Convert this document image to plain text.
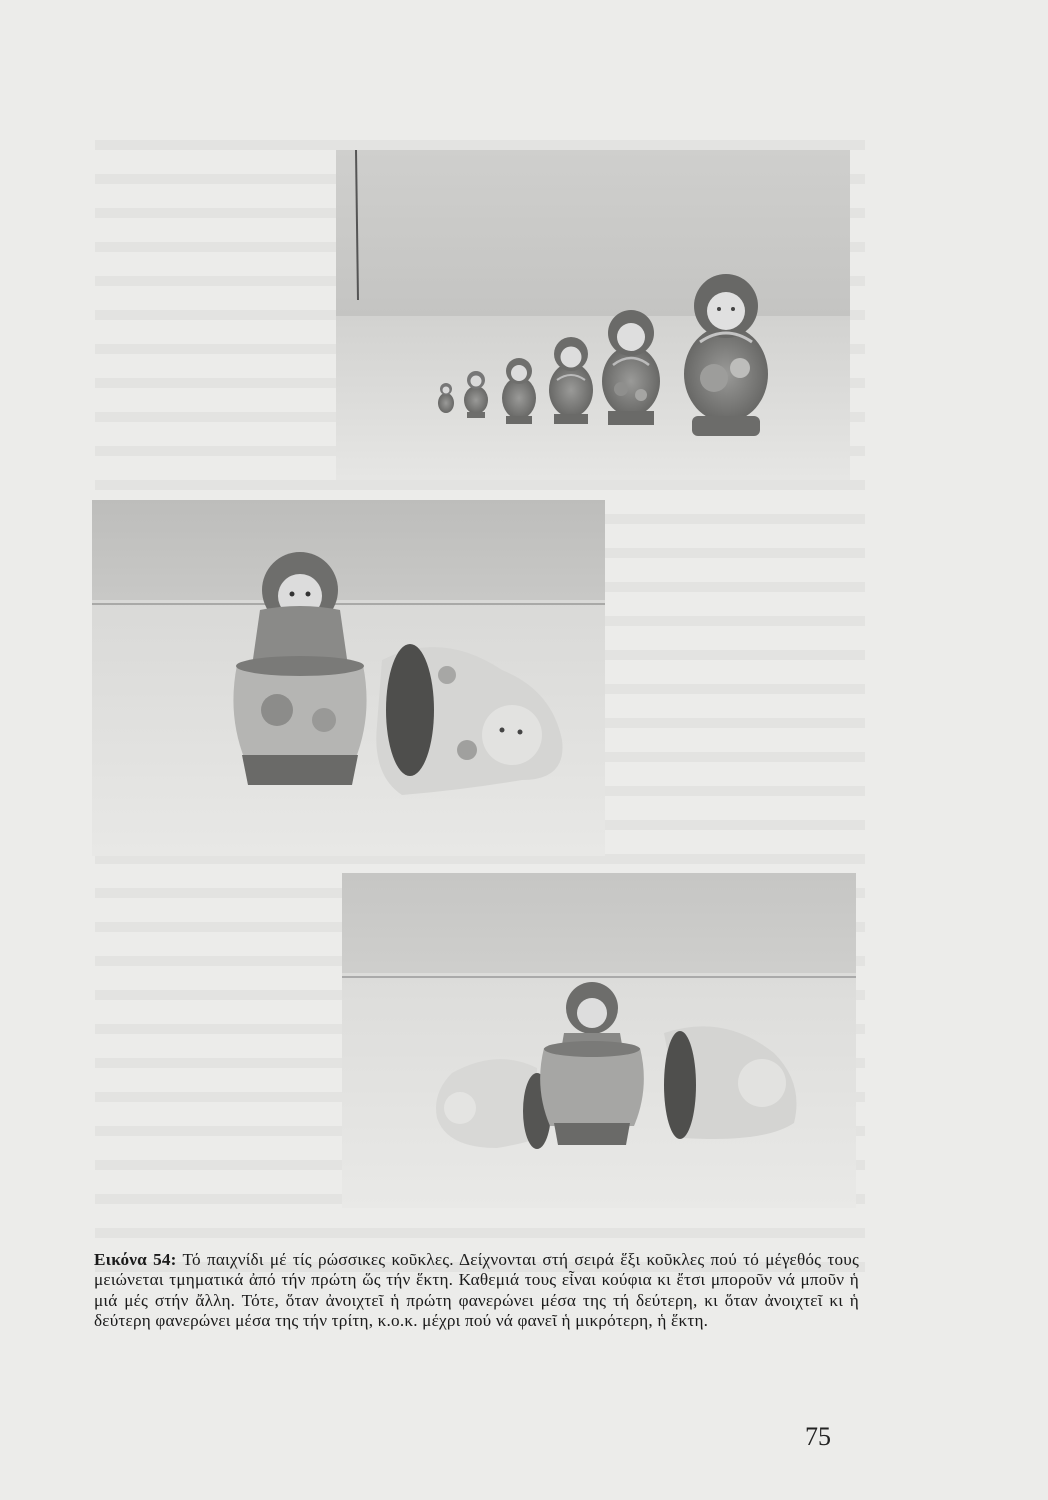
Εικόνα 54: Τό παιχνίδι μέ τίς ρώσσικες κοῦκλες. Δείχνονται στή σειρά ἕξι κοῦκλες πού τό μέγεθός τους μειώνεται τμηματικά ἀπό τήν πρώτη ὥς τήν ἕκτη. Καθεμιά τους εἶναι κούφια κι ἔτσι μποροῦν νά μποῦν ἡ μιά μές στήν ἄλλη. Τότε, ὅταν ἀνοιχτεῖ ἡ πρώτη φανερώνει μέσα της τή δεύτερη, κι ὅταν ἀνοιχτεῖ κι ἡ δεύτερη φανερώνει μέσα της τήν τρίτη, κ.ο.κ. μέχρι πού νά φανεῖ ἡ μικρότερη, ἡ ἕκτη.

75
